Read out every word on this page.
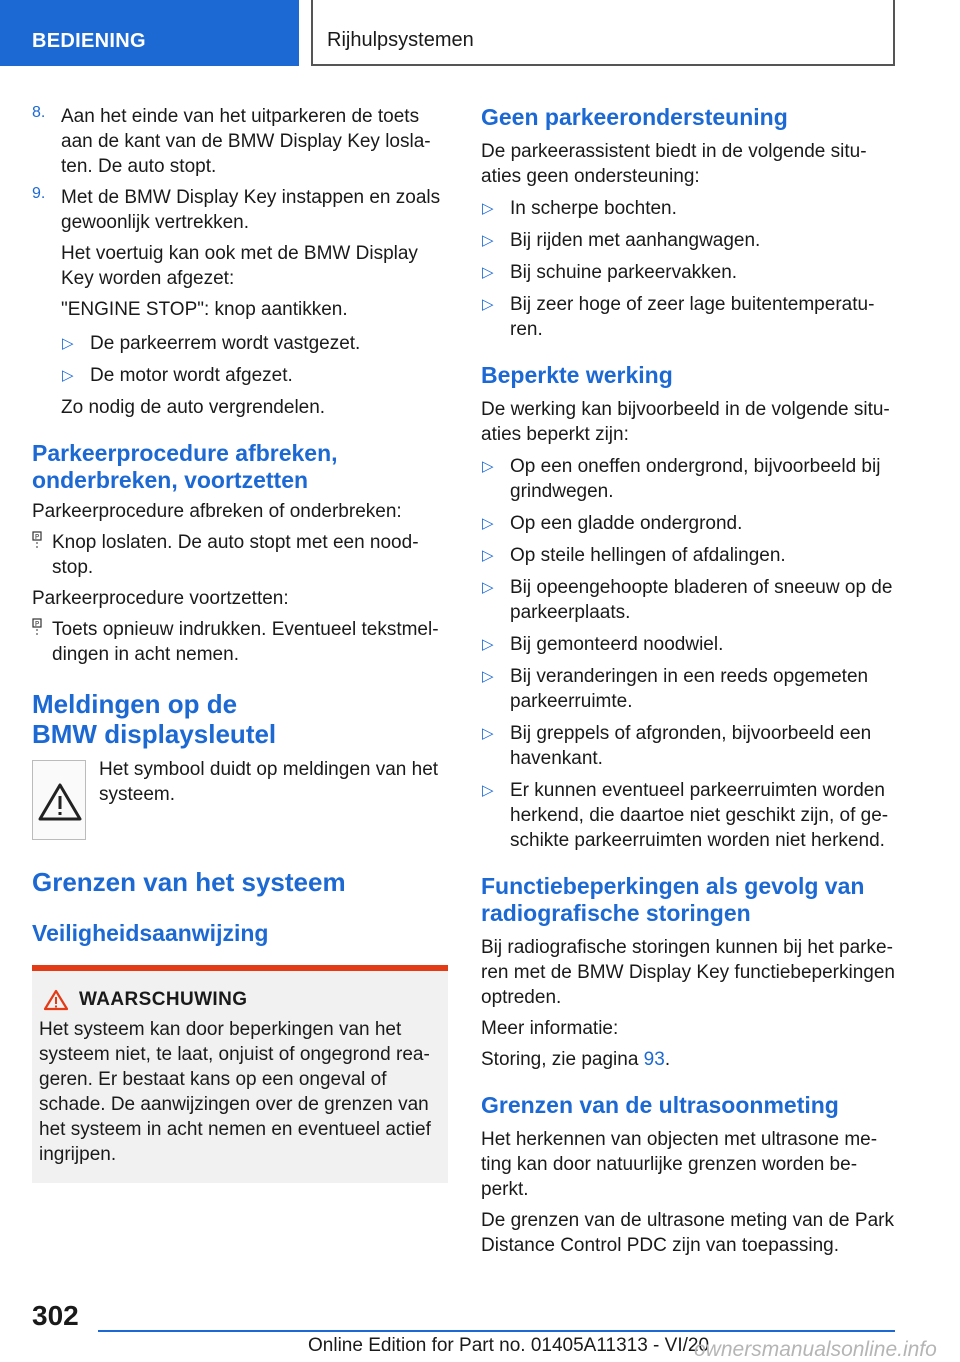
BEDIENING	Rijhulpsystemen
8. Aan het einde van het uitparkeren de toets aan de kant van de BMW Display Key loslaten. De auto stopt.

9. Met de BMW Display Key instappen en zoals gewoonlijk vertrekken.

Het voertuig kan ook met de BMW Display Key worden afgezet:

"ENGINE STOP": knop aantikken.

▷ De parkeerrem wordt vastgezet.
▷ De motor wordt afgezet.

Zo nodig de auto vergrendelen.

Parkeerprocedure afbreken, onderbreken, voortzetten

Parkeerprocedure afbreken of onderbreken:

P Knop loslaten. De auto stopt met een noodstop.

Parkeerprocedure voortzetten:

P Toets opnieuw indrukken. Eventueel tekstmeldingen in acht nemen.

Meldingen op de BMW displaysleutel

Het symbool duidt op meldingen van het systeem.

Grenzen van het systeem
Veiligheidsaanwijzing
WAARSCHUWING

Het systeem kan door beperkingen van het systeem niet, te laat, onjuist of ongegrond reageren. Er bestaat kans op een ongeval of schade. De aanwijzingen over de grenzen van het systeem in acht nemen en eventueel actief ingrijpen.

Geen parkeerondersteuning

De parkeerassistent biedt in de volgende situaties geen ondersteuning:

▷ In scherpe bochten.
▷ Bij rijden met aanhangwagen.
▷ Bij schuine parkeervakken.
▷ Bij zeer hoge of zeer lage buitentemperaturen.
Beperkte werking

De werking kan bijvoorbeeld in de volgende situaties beperkt zijn:

▷ Op een oneffen ondergrond, bijvoorbeeld bij grindwegen.
▷ Op een gladde ondergrond.
▷ Op steile hellingen of afdalingen.
▷ Bij opeengehoopte bladeren of sneeuw op de parkeerplaats.
▷ Bij gemonteerd noodwiel.
▷ Bij veranderingen in een reeds opgemeten parkeerruimte.
▷ Bij greppels of afgronden, bijvoorbeeld een havenkant.
▷ Er kunnen eventueel parkeerruimten worden herkend, die daartoe niet geschikt zijn, of geschikte parkeerruimten worden niet herkend.
Functiebeperkingen als gevolg van radiografische storingen

Bij radiografische storingen kunnen bij het parkeren met de BMW Display Key functiebeperkingen optreden.

Meer informatie:

Storing, zie pagina 93.

Grenzen van de ultrasoonmeting

Het herkennen van objecten met ultrasone meting kan door natuurlijke grenzen worden beperkt.

De grenzen van de ultrasone meting van de Park Distance Control PDC zijn van toepassing.

302
Online Edition for Part no. 01405A11313 - VI/20
ownersmanualsonline.info
